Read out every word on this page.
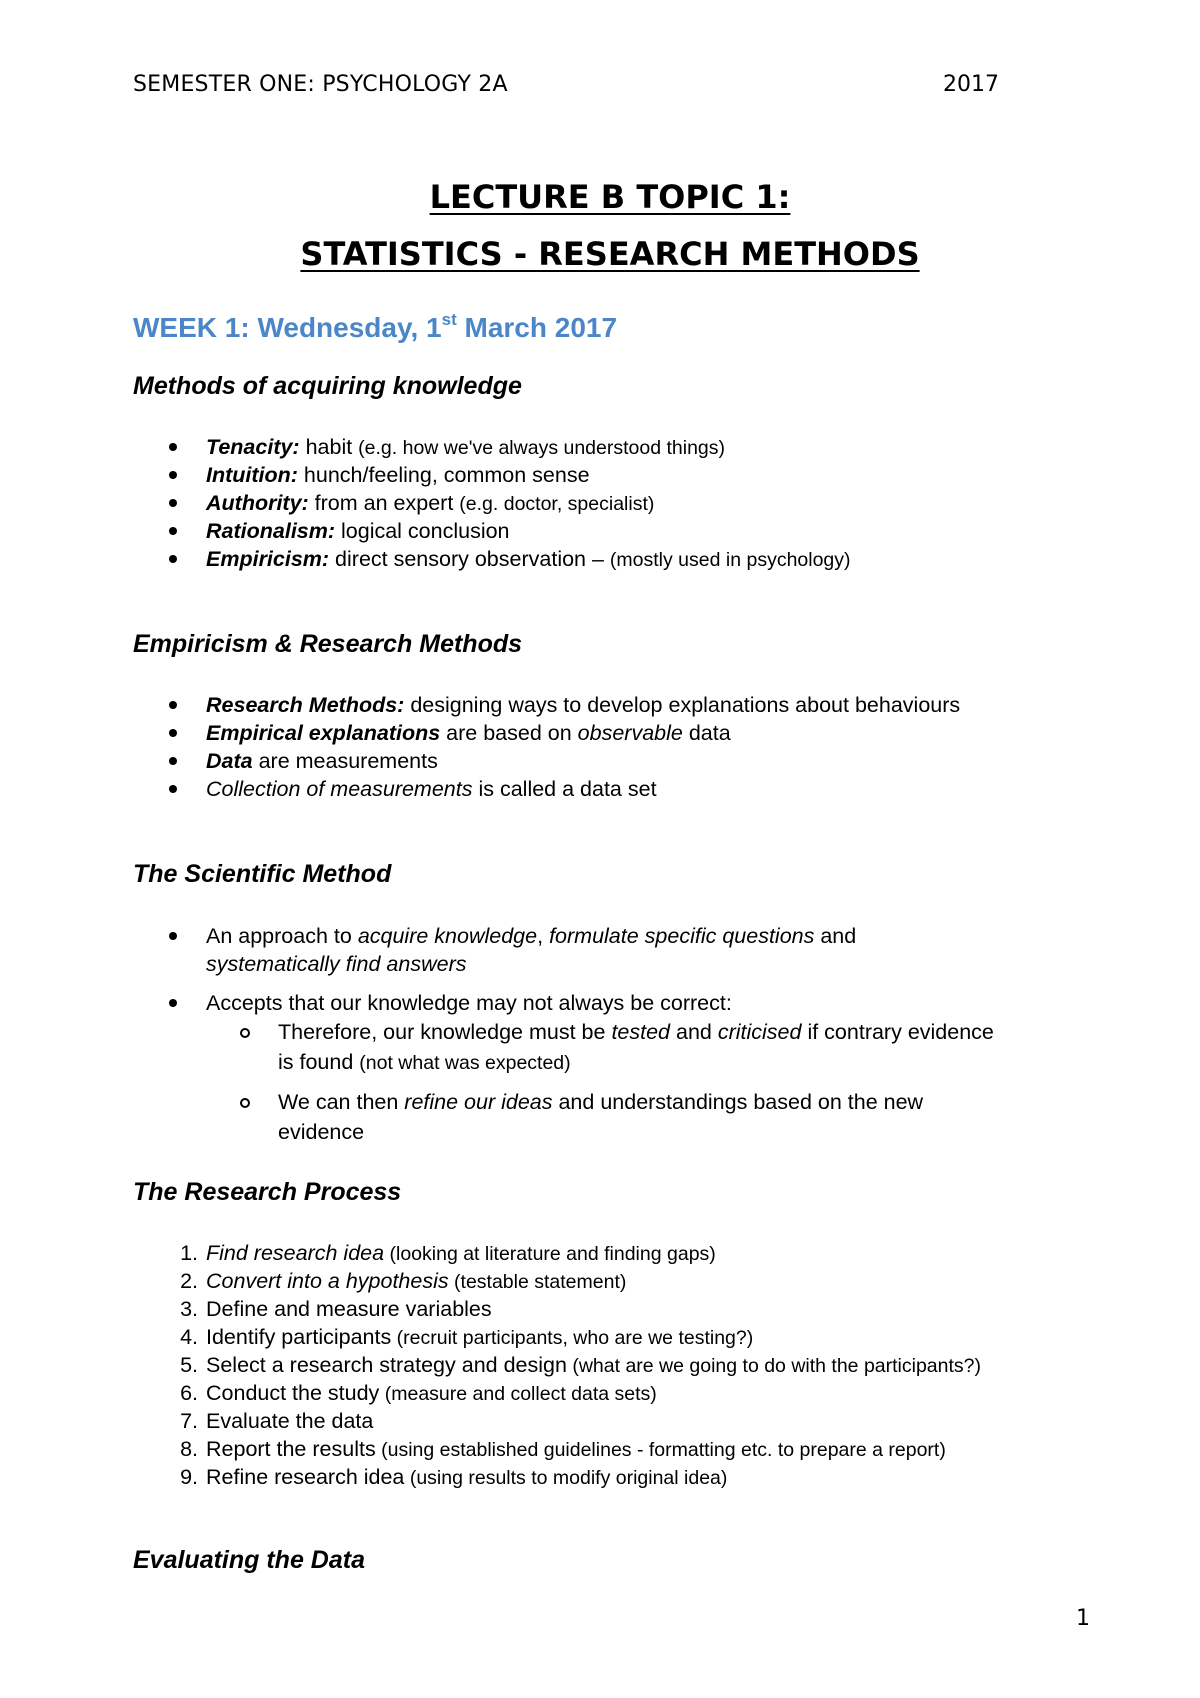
SEMESTER ONE: PSYCHOLOGY 2A	2017
LECTURE B TOPIC 1:
STATISTICS - RESEARCH METHODS
WEEK 1: Wednesday, 1st March 2017
Methods of acquiring knowledge
Tenacity: habit (e.g. how we've always understood things)
Intuition: hunch/feeling, common sense
Authority: from an expert (e.g. doctor, specialist)
Rationalism: logical conclusion
Empiricism: direct sensory observation – (mostly used in psychology)
Empiricism & Research Methods
Research Methods: designing ways to develop explanations about behaviours
Empirical explanations are based on observable data
Data are measurements
Collection of measurements is called a data set
The Scientific Method
An approach to acquire knowledge, formulate specific questions and
systematically find answers
Accepts that our knowledge may not always be correct:
Therefore, our knowledge must be tested and criticised if contrary evidence
is found (not what was expected)
We can then refine our ideas and understandings based on the new
evidence
The Research Process
1. Find research idea (looking at literature and finding gaps)
2. Convert into a hypothesis (testable statement)
3. Define and measure variables
4. Identify participants (recruit participants, who are we testing?)
5. Select a research strategy and design (what are we going to do with the participants?)
6. Conduct the study (measure and collect data sets)
7. Evaluate the data
8. Report the results (using established guidelines - formatting etc. to prepare a report)
9. Refine research idea (using results to modify original idea)
Evaluating the Data
1
